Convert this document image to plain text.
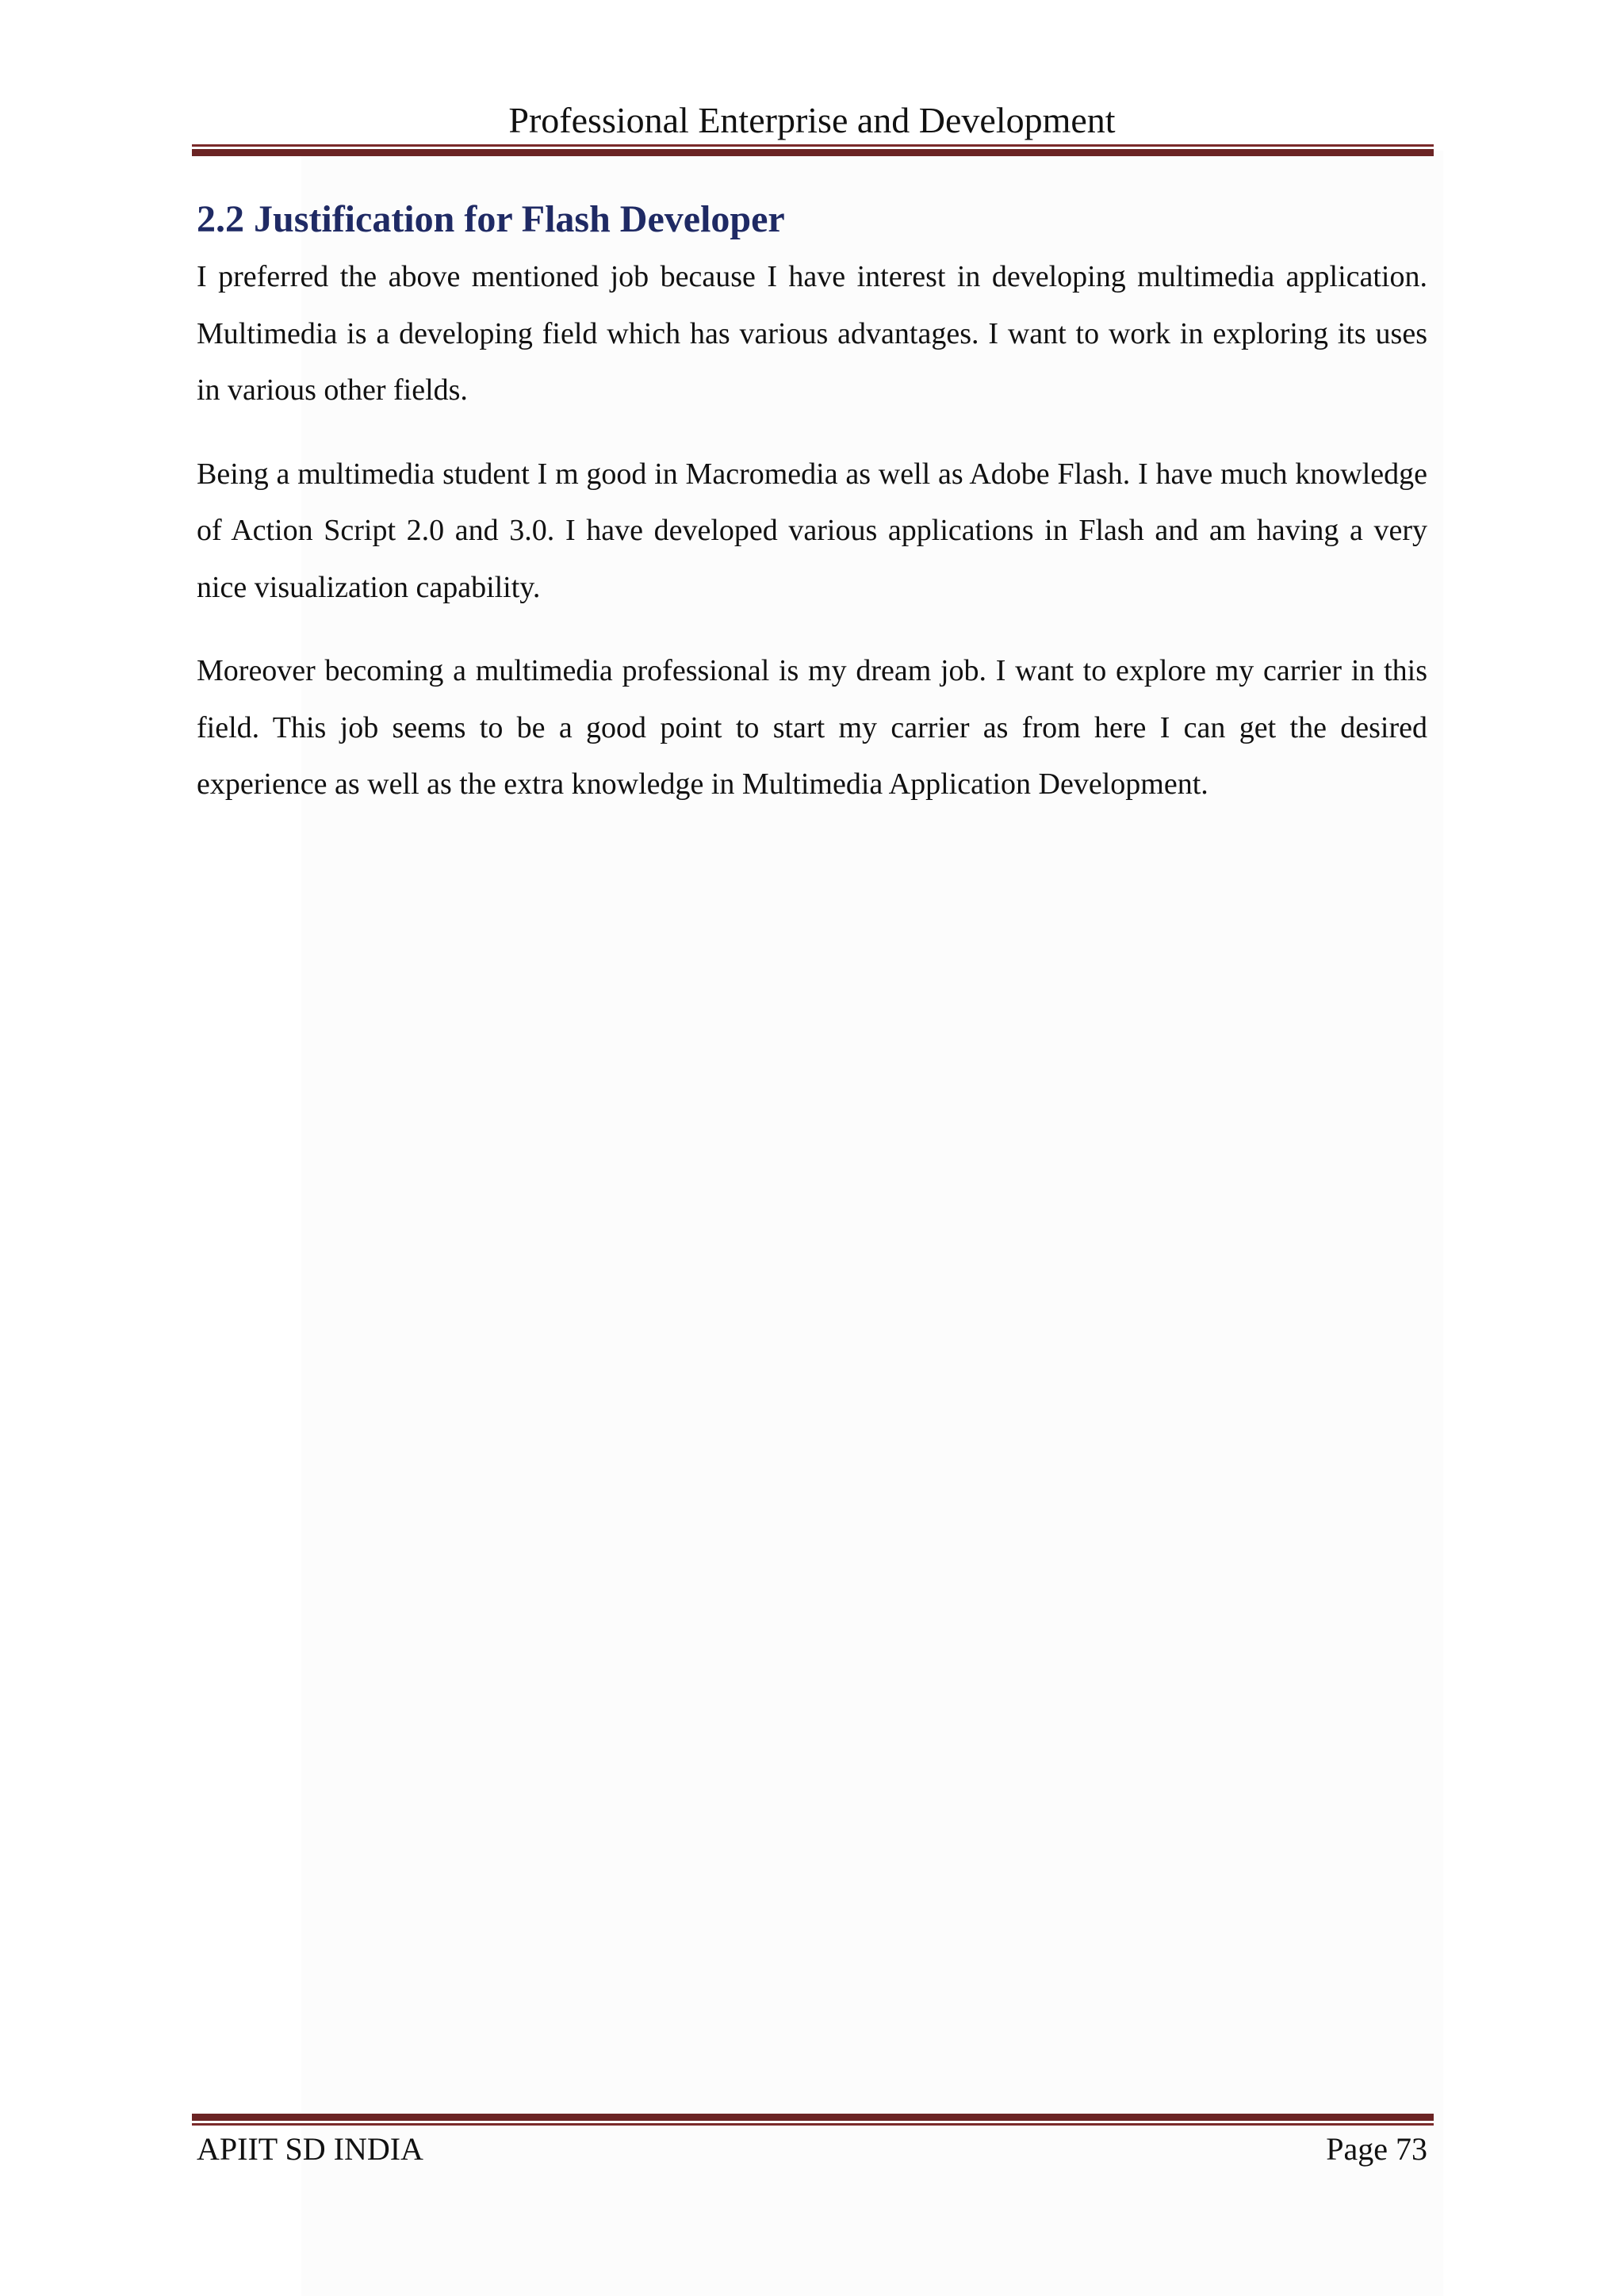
Professional Enterprise and Development
2.2 Justification for Flash Developer

I preferred the above mentioned job because I have interest in developing multimedia application. Multimedia is a developing field which has various advantages. I want to work in exploring its uses in various other fields.

Being a multimedia student I m good in Macromedia as well as Adobe Flash. I have much knowledge of Action Script 2.0 and 3.0. I have developed various applications in Flash and am having a very nice visualization capability.

Moreover becoming a multimedia professional is my dream job. I want to explore my carrier in this field. This job seems to be a good point to start my carrier as from here I can get the desired experience as well as the extra knowledge in Multimedia Application Development.

APIIT SD INDIA	Page 73
